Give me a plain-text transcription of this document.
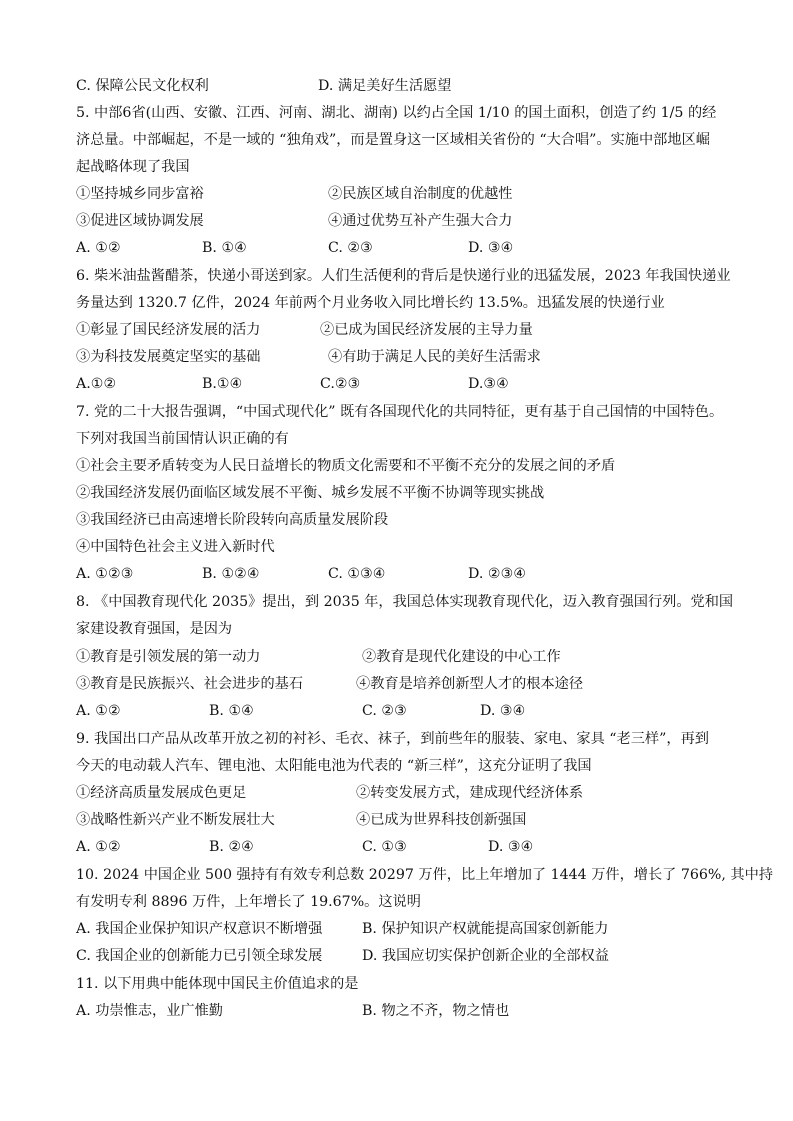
C. 保障公民文化权利	D. 满足美好生活愿望
5. 中部6省(山西、安徽、江西、河南、湖北、湖南) 以约占全国 1/10 的国土面积，创造了约 1/5 的经
济总量。中部崛起，不是一域的 “独角戏”，而是置身这一区域相关省份的 “大合唱”。实施中部地区崛
起战略体现了我国
①坚持城乡同步富裕	②民族区域自治制度的优越性
③促进区域协调发展	④通过优势互补产生强大合力
A. ①②	B. ①④	C. ②③	D. ③④
6. 柴米油盐酱醋茶，快递小哥送到家。人们生活便利的背后是快递行业的迅猛发展，2023 年我国快递业
务量达到 1320.7 亿件，2024 年前两个月业务收入同比增长约 13.5%。迅猛发展的快递行业
①彰显了国民经济发展的活力	②已成为国民经济发展的主导力量
③为科技发展奠定坚实的基础	④有助于满足人民的美好生活需求
A.①②	B.①④	C.②③	D.③④
7. 党的二十大报告强调，“中国式现代化” 既有各国现代化的共同特征，更有基于自己国情的中国特色。
下列对我国当前国情认识正确的有
①社会主要矛盾转变为人民日益增长的物质文化需要和不平衡不充分的发展之间的矛盾
②我国经济发展仍面临区域发展不平衡、城乡发展不平衡不协调等现实挑战
③我国经济已由高速增长阶段转向高质量发展阶段
④中国特色社会主义进入新时代
A. ①②③	B. ①②④	C. ①③④	D. ②③④
8. 《中国教育现代化 2035》提出，到 2035 年，我国总体实现教育现代化，迈入教育强国行列。党和国
家建设教育强国，是因为
①教育是引领发展的第一动力	②教育是现代化建设的中心工作
③教育是民族振兴、社会进步的基石	④教育是培养创新型人才的根本途径
A. ①②	B. ①④	C. ②③	D. ③④
9. 我国出口产品从改革开放之初的衬衫、毛衣、袜子，到前些年的服装、家电、家具 “老三样”，再到
今天的电动载人汽车、锂电池、太阳能电池为代表的 “新三样”，这充分证明了我国
①经济高质量发展成色更足	②转变发展方式，建成现代经济体系
③战略性新兴产业不断发展壮大	④已成为世界科技创新强国
A. ①②	B. ②④	C. ①③	D. ③④
10. 2024 中国企业 500 强持有有效专利总数 20297 万件，比上年增加了 1444 万件，增长了 766%, 其中持
有发明专利 8896 万件，上年增长了 19.67%。这说明
A. 我国企业保护知识产权意识不断增强	B. 保护知识产权就能提高国家创新能力
C. 我国企业的创新能力已引领全球发展	D. 我国应切实保护创新企业的全部权益
11. 以下用典中能体现中国民主价值追求的是
A. 功崇惟志，业广惟勤	B. 物之不齐，物之情也
